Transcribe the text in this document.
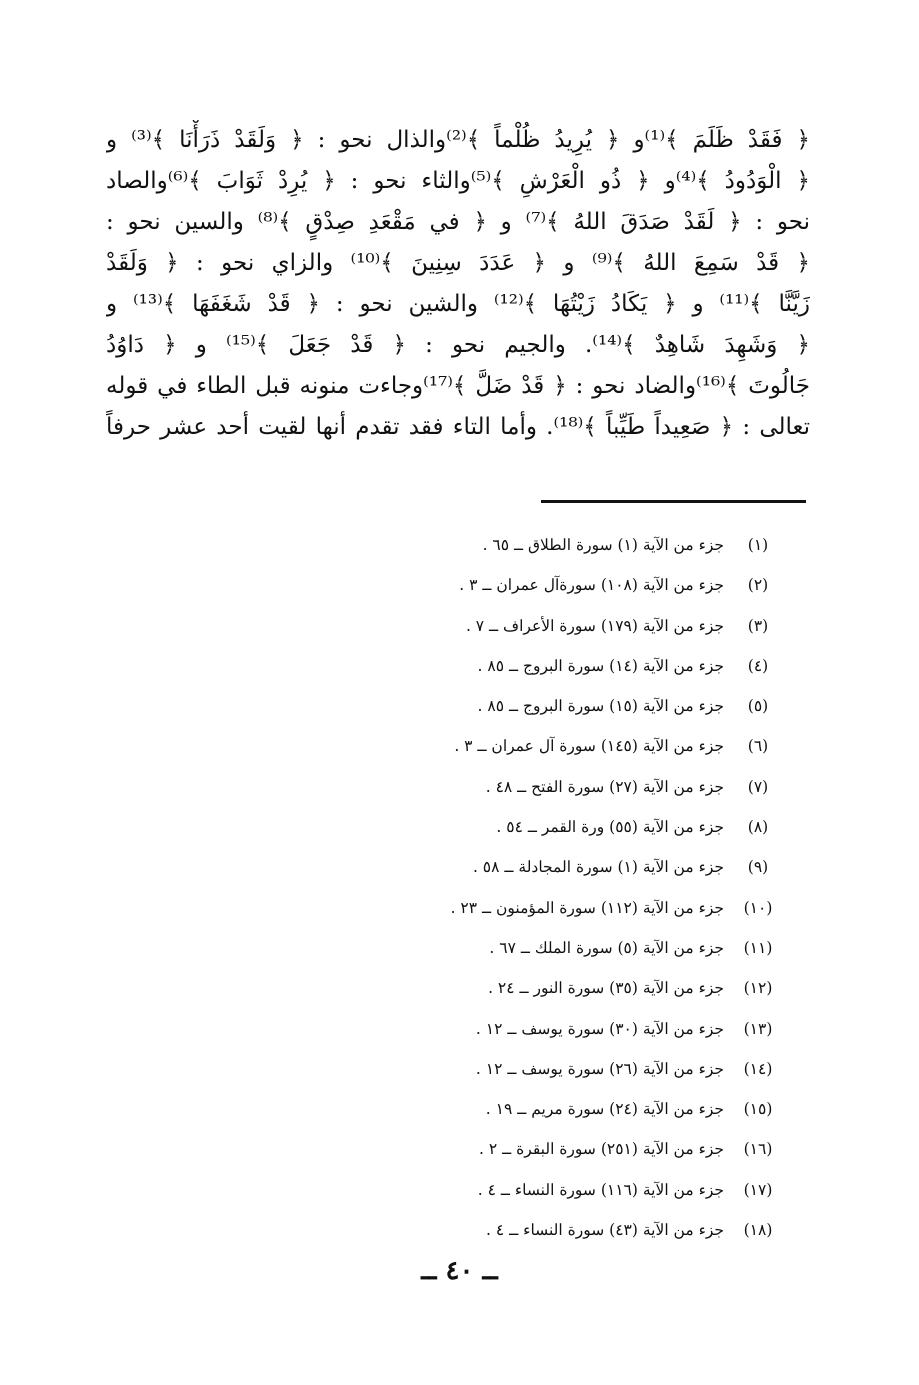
﴿ فَقَدْ ظَلَمَ ﴾⁽¹⁾و ﴿ يُرِيدُ ظُلْماً ﴾⁽²⁾والذال نحو : ﴿ وَلَقَدْ ذَرَأْنَا ﴾⁽³⁾ و
﴿ الْوَدُودُ ﴾⁽⁴⁾و ﴿ ذُو الْعَرْشِ ﴾⁽⁵⁾والثاء نحو : ﴿ يُرِدْ ثَوَابَ ﴾⁽⁶⁾والصاد
نحو : ﴿ لَقَدْ صَدَقَ اللهُ ﴾⁽⁷⁾ و ﴿ في مَقْعَدِ صِدْقٍ ﴾⁽⁸⁾ والسين نحو :
﴿ قَدْ سَمِعَ اللهُ ﴾⁽⁹⁾ و ﴿ عَدَدَ سِنِينَ ﴾⁽¹⁰⁾ والزاي نحو : ﴿ وَلَقَدْ
زَيَّنَّا ﴾⁽¹¹⁾ و ﴿ يَكَادُ زَيْتُهَا ﴾⁽¹²⁾ والشين نحو : ﴿ قَدْ شَغَفَهَا ﴾⁽¹³⁾ و
﴿ وَشَهِدَ شَاهِدٌ ﴾⁽¹⁴⁾. والجيم نحو : ﴿ قَدْ جَعَلَ ﴾⁽¹⁵⁾ و ﴿ دَاوُدُ
جَالُوتَ ﴾⁽¹⁶⁾والضاد نحو : ﴿ قَدْ ضَلَّ ﴾⁽¹⁷⁾وجاءت منونه قبل الطاء في قوله
تعالى : ﴿ صَعِيداً طَيِّباً ﴾⁽¹⁸⁾. وأما التاء فقد تقدم أنها لقيت أحد عشر حرفاً
(١)
جزء من الآية (١) سورة الطلاق ــ ٦٥ .
(٢)
جزء من الآية (١٠٨) سورةآل عمران ــ ٣ .
(٣)
جزء من الآية (١٧٩) سورة الأعراف ــ ٧ .
(٤)
جزء من الآية (١٤) سورة البروج ــ ٨٥ .
(٥)
جزء من الآية (١٥) سورة البروج ــ ٨٥ .
(٦)
جزء من الآية (١٤٥) سورة آل عمران ــ ٣ .
(٧)
جزء من الآية (٢٧) سورة الفتح ــ ٤٨ .
(٨)
جزء من الآية (٥٥) ورة القمر ــ ٥٤ .
(٩)
جزء من الآية (١) سورة المجادلة ــ ٥٨ .
(١٠)
جزء من الآية (١١٢) سورة المؤمنون ــ ٢٣ .
(١١)
جزء من الآية (٥) سورة الملك ــ ٦٧ .
(١٢)
جزء من الآية (٣٥) سورة النور ــ ٢٤ .
(١٣)
جزء من الآية (٣٠) سورة يوسف ــ ١٢ .
(١٤)
جزء من الآية (٢٦) سورة يوسف ــ ١٢ .
(١٥)
جزء من الآية (٢٤) سورة مريم ــ ١٩ .
(١٦)
جزء من الآية (٢٥١) سورة البقرة ــ ٢ .
(١٧)
جزء من الآية (١١٦) سورة النساء ــ ٤ .
(١٨)
جزء من الآية (٤٣) سورة النساء ــ ٤ .
ــ ٤٠ ــ
